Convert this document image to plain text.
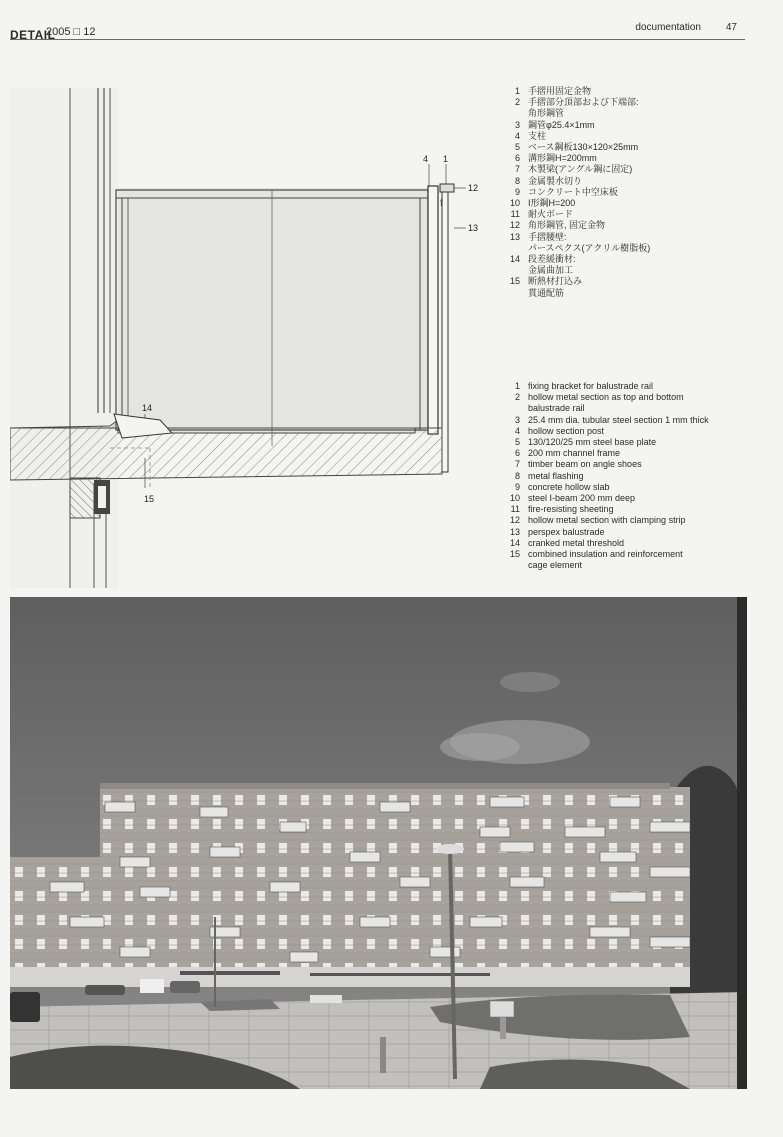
DETAIL
2005 □ 12	documentation 47
4 1
12
13
14
15
f
1 手摺用固定金物
2 手摺部分頂部および下端部:
角形鋼管
3 鋼管φ25.4×1mm
4 支柱
5 ベース鋼板130×120×25mm
6 溝形鋼H=200mm
7 木製梁(アングル鋼に固定)
8 金属製水切り
9 コンクリート中空床板
10 I形鋼H=200
11 耐火ボード
12 角形鋼管, 固定金物
13 手摺腰壁:
パースペクス(アクリル樹脂板)
14 段差緩衝材:
金属曲加工
15 断熱材打込み
貫通配筋
1 fixing bracket for balustrade rail
2 hollow metal section as top and bottom
balustrade rail
3 25.4 mm dia. tubular steel section 1 mm thick
4 hollow section post
5 130/120/25 mm steel base plate
6 200 mm channel frame
7 timber beam on angle shoes
8 metal flashing
9 concrete hollow slab
10 steel I-beam 200 mm deep
11 fire-resisting sheeting
12 hollow metal section with clamping strip
13 perspex balustrade
14 cranked metal threshold
15 combined insulation and reinforcement
cage element
